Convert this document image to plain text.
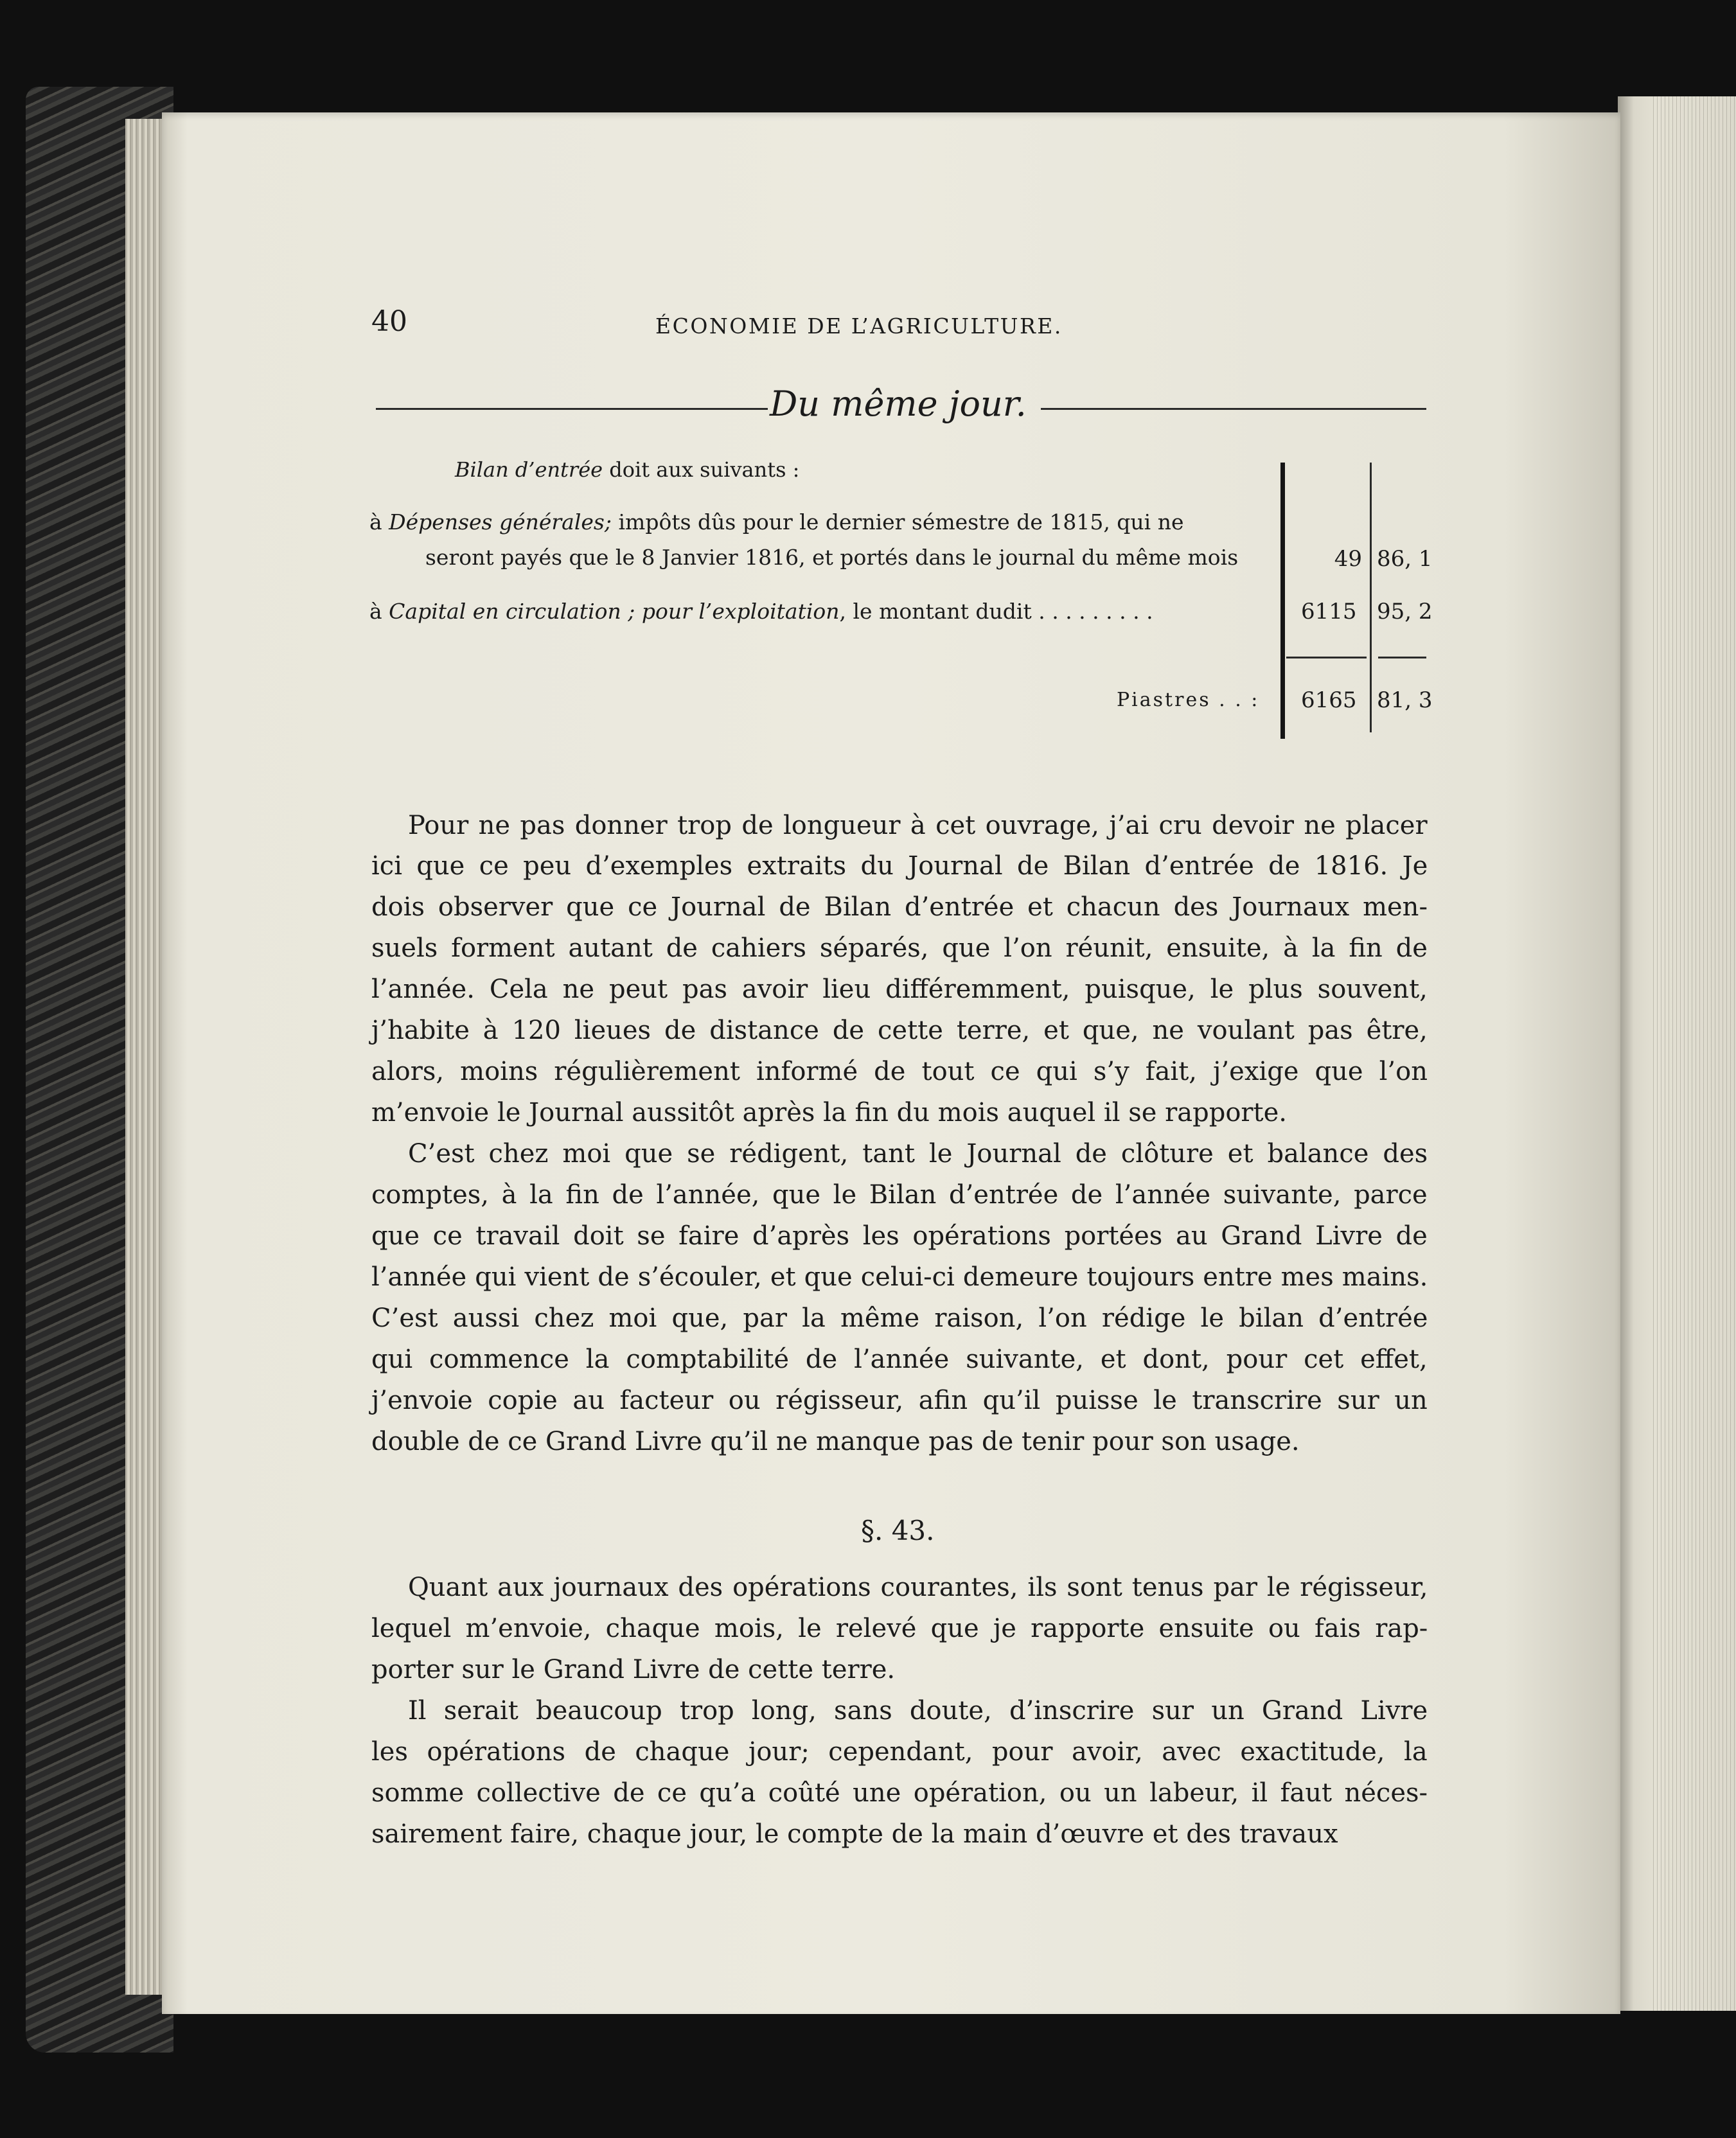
40	ÉCONOMIE DE L’AGRICULTURE.
Du même jour.
Bilan d’entrée doit aux suivants :
à Dépenses générales; impôts dûs pour le dernier sémestre de 1815, qui ne
seront payés que le 8 Janvier 1816, et portés dans le journal du même mois
à Capital en circulation ; pour l’exploitation, le montant dudit . . . . . . . . .
Piastres . . :
49 86, 1
6115 95, 2
6165 81, 3
Pour ne pas donner trop de longueur à cet ouvrage, j’ai cru devoir ne placer
ici que ce peu d’exemples extraits du Journal de Bilan d’entrée de 1816. Je
dois observer que ce Journal de Bilan d’entrée et chacun des Journaux men-
suels forment autant de cahiers séparés, que l’on réunit, ensuite, à la fin de
l’année. Cela ne peut pas avoir lieu différemment, puisque, le plus souvent,
j’habite à 120 lieues de distance de cette terre, et que, ne voulant pas être,
alors, moins régulièrement informé de tout ce qui s’y fait, j’exige que l’on
m’envoie le Journal aussitôt après la fin du mois auquel il se rapporte.
C’est chez moi que se rédigent, tant le Journal de clôture et balance des
comptes, à la fin de l’année, que le Bilan d’entrée de l’année suivante, parce
que ce travail doit se faire d’après les opérations portées au Grand Livre de
l’année qui vient de s’écouler, et que celui-ci demeure toujours entre mes mains.
C’est aussi chez moi que, par la même raison, l’on rédige le bilan d’entrée
qui commence la comptabilité de l’année suivante, et dont, pour cet effet,
j’envoie copie au facteur ou régisseur, afin qu’il puisse le transcrire sur un
double de ce Grand Livre qu’il ne manque pas de tenir pour son usage.
§. 43.
Quant aux journaux des opérations courantes, ils sont tenus par le régisseur,
lequel m’envoie, chaque mois, le relevé que je rapporte ensuite ou fais rap-
porter sur le Grand Livre de cette terre.
Il serait beaucoup trop long, sans doute, d’inscrire sur un Grand Livre
les opérations de chaque jour; cependant, pour avoir, avec exactitude, la
somme collective de ce qu’a coûté une opération, ou un labeur, il faut néces-
sairement faire, chaque jour, le compte de la main d’œuvre et des travaux
